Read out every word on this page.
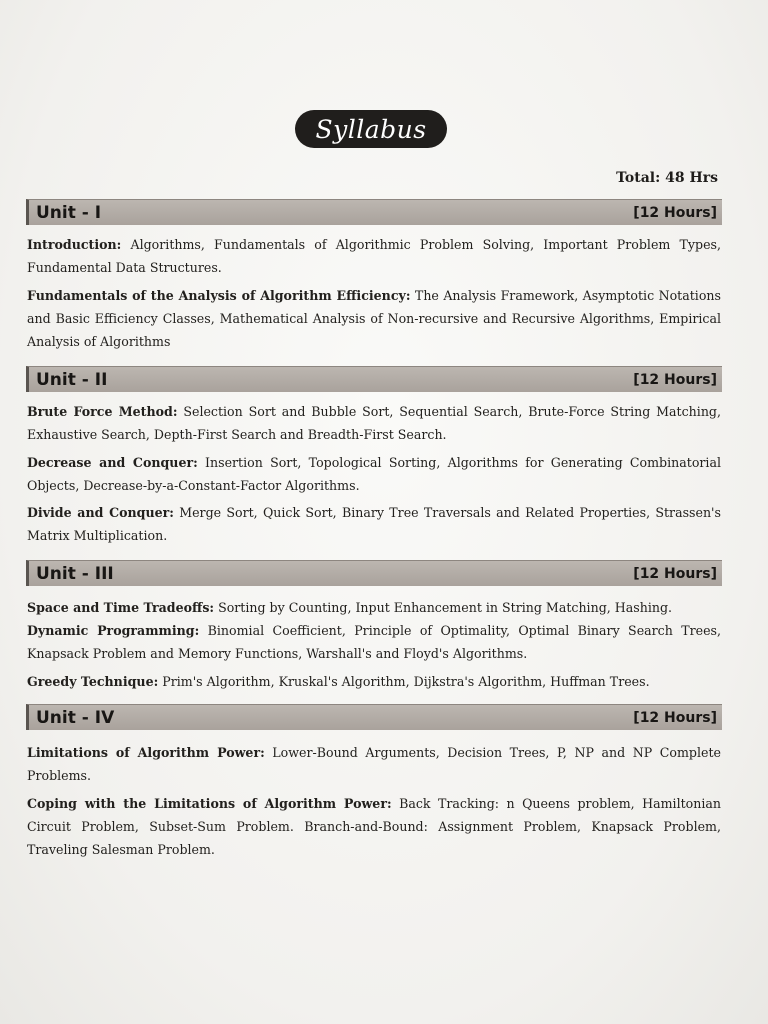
Syllabus
Total: 48 Hrs
Unit - I	[12 Hours]
Introduction: Algorithms, Fundamentals of Algorithmic Problem Solving, Important Problem Types, Fundamental Data Structures.
Fundamentals of the Analysis of Algorithm Efficiency: The Analysis Framework, Asymptotic Notations and Basic Efficiency Classes, Mathematical Analysis of Non-recursive and Recursive Algorithms, Empirical Analysis of Algorithms
Unit - II	[12 Hours]
Brute Force Method: Selection Sort and Bubble Sort, Sequential Search, Brute-Force String Matching, Exhaustive Search, Depth-First Search and Breadth-First Search.
Decrease and Conquer: Insertion Sort, Topological Sorting, Algorithms for Generating Combinatorial Objects, Decrease-by-a-Constant-Factor Algorithms.
Divide and Conquer: Merge Sort, Quick Sort, Binary Tree Traversals and Related Properties, Strassen's Matrix Multiplication.
Unit - III	[12 Hours]
Space and Time Tradeoffs: Sorting by Counting, Input Enhancement in String Matching, Hashing.
Dynamic Programming: Binomial Coefficient, Principle of Optimality, Optimal Binary Search Trees, Knapsack Problem and Memory Functions, Warshall's and Floyd's Algorithms.
Greedy Technique: Prim's Algorithm, Kruskal's Algorithm, Dijkstra's Algorithm, Huffman Trees.
Unit - IV	[12 Hours]
Limitations of Algorithm Power: Lower-Bound Arguments, Decision Trees, P, NP and NP Complete Problems.
Coping with the Limitations of Algorithm Power: Back Tracking: n Queens problem, Hamiltonian Circuit Problem, Subset-Sum Problem. Branch-and-Bound: Assignment Problem, Knapsack Problem, Traveling Salesman Problem.
